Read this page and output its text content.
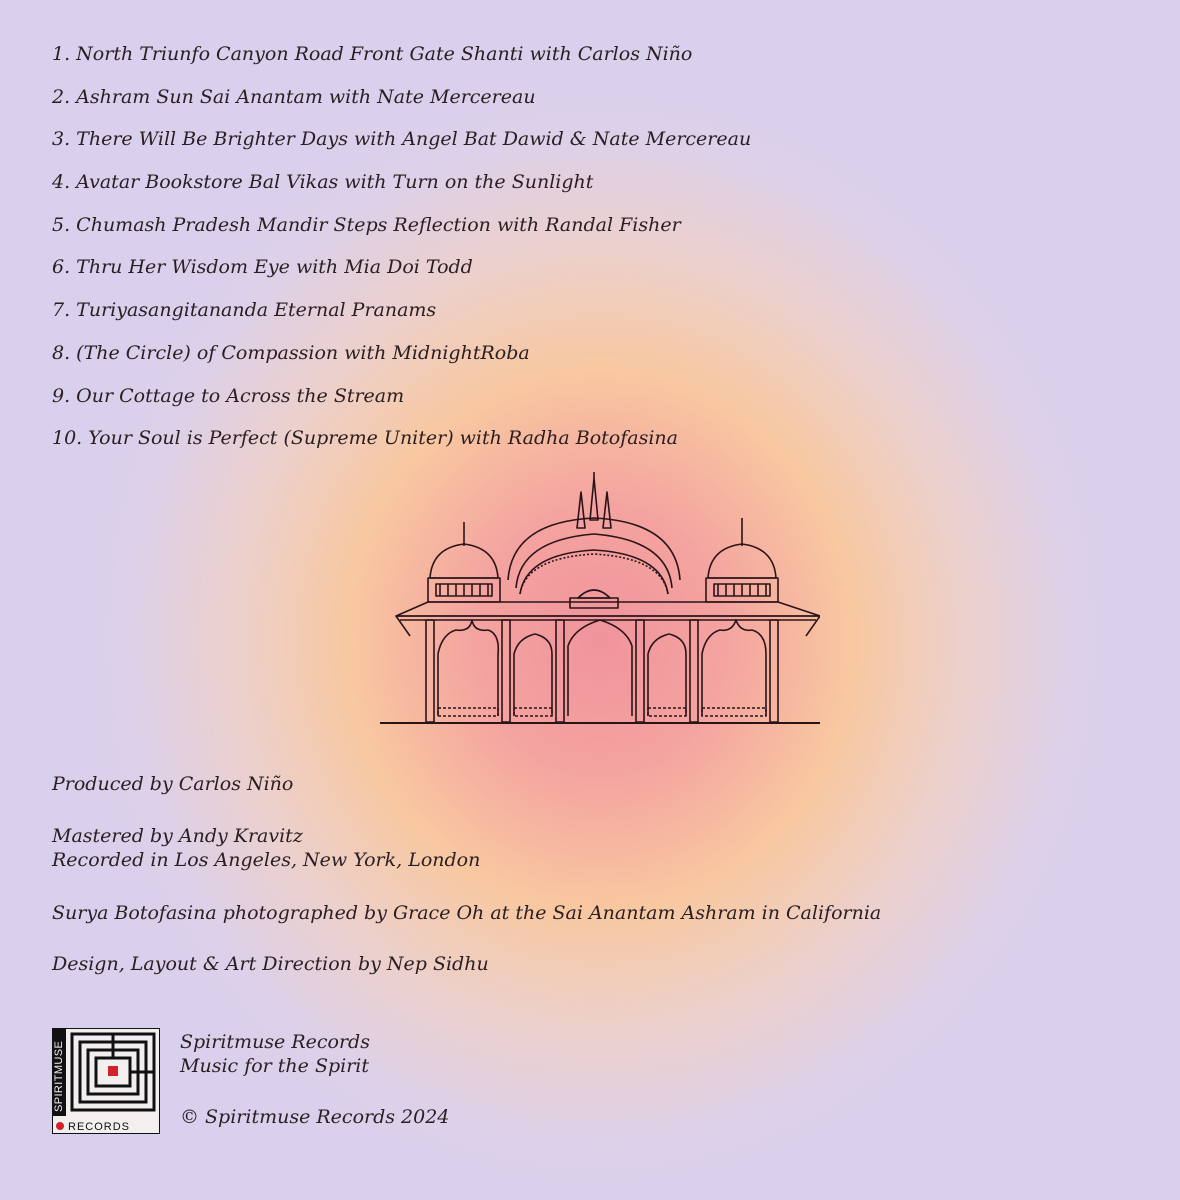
1. North Triunfo Canyon Road Front Gate Shanti with Carlos Niño
2. Ashram Sun Sai Anantam with Nate Mercereau
3. There Will Be Brighter Days with Angel Bat Dawid & Nate Mercereau
4. Avatar Bookstore Bal Vikas with Turn on the Sunlight
5. Chumash Pradesh Mandir Steps Reflection with Randal Fisher
6. Thru Her Wisdom Eye with Mia Doi Todd
7. Turiyasangitananda Eternal Pranams
8. (The Circle) of Compassion with MidnightRoba
9. Our Cottage to Across the Stream
10. Your Soul is Perfect (Supreme Uniter) with Radha Botofasina

Produced by Carlos Niño

Mastered by Andy Kravitz

Recorded in Los Angeles, New York, London

Surya Botofasina photographed by Grace Oh at the Sai Anantam Ashram in California

Design, Layout & Art Direction by Nep Sidhu

SPIRITMUSE
RECORDS

Spiritmuse Records

Music for the Spirit

© Spiritmuse Records 2024
